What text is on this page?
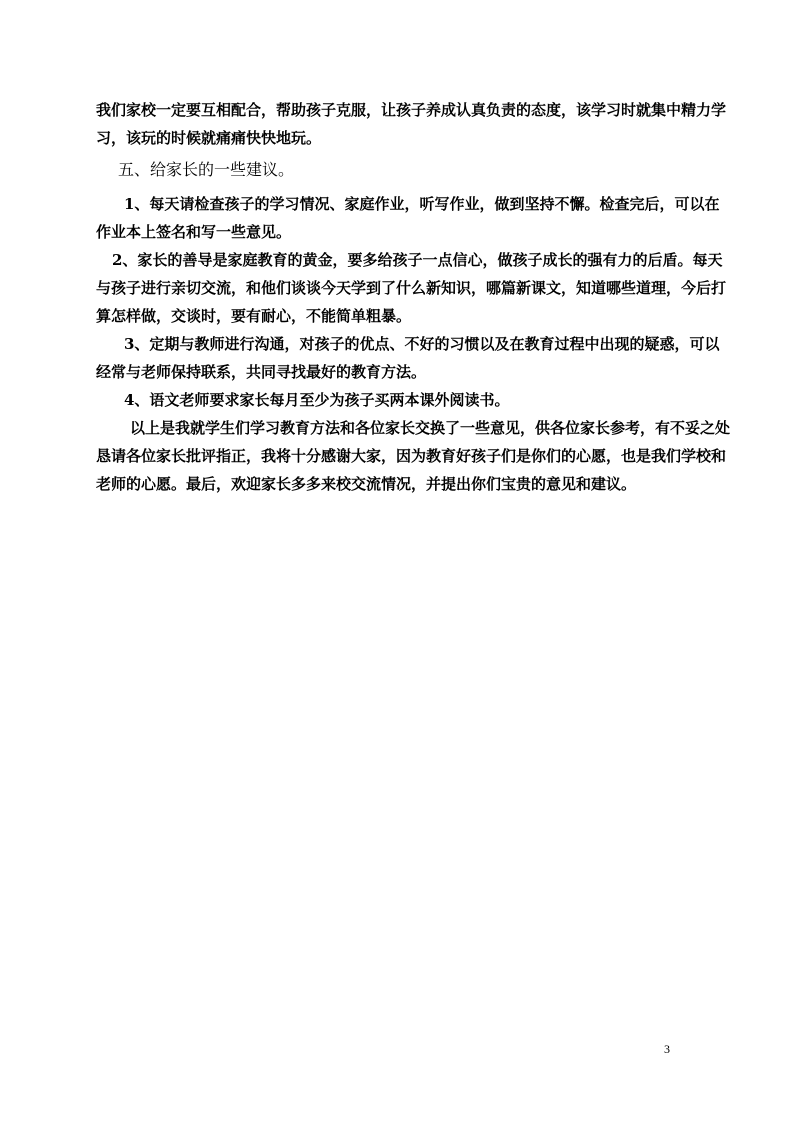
我们家校一定要互相配合，帮助孩子克服，让孩子养成认真负责的态度，该学习时就集中精力学习，该玩的时候就痛痛快快地玩。

五、给家长的一些建议。

1、每天请检查孩子的学习情况、家庭作业，听写作业，做到坚持不懈。检查完后，可以在作业本上签名和写一些意见。

2、家长的善导是家庭教育的黄金，要多给孩子一点信心，做孩子成长的强有力的后盾。每天与孩子进行亲切交流，和他们谈谈今天学到了什么新知识，哪篇新课文，知道哪些道理，今后打算怎样做，交谈时，要有耐心，不能简单粗暴。

3、定期与教师进行沟通，对孩子的优点、不好的习惯以及在教育过程中出现的疑惑，可以经常与老师保持联系，共同寻找最好的教育方法。

4、语文老师要求家长每月至少为孩子买两本课外阅读书。

以上是我就学生们学习教育方法和各位家长交换了一些意见，供各位家长参考，有不妥之处恳请各位家长批评指正，我将十分感谢大家，因为教育好孩子们是你们的心愿，也是我们学校和老师的心愿。最后，欢迎家长多多来校交流情况，并提出你们宝贵的意见和建议。

3
